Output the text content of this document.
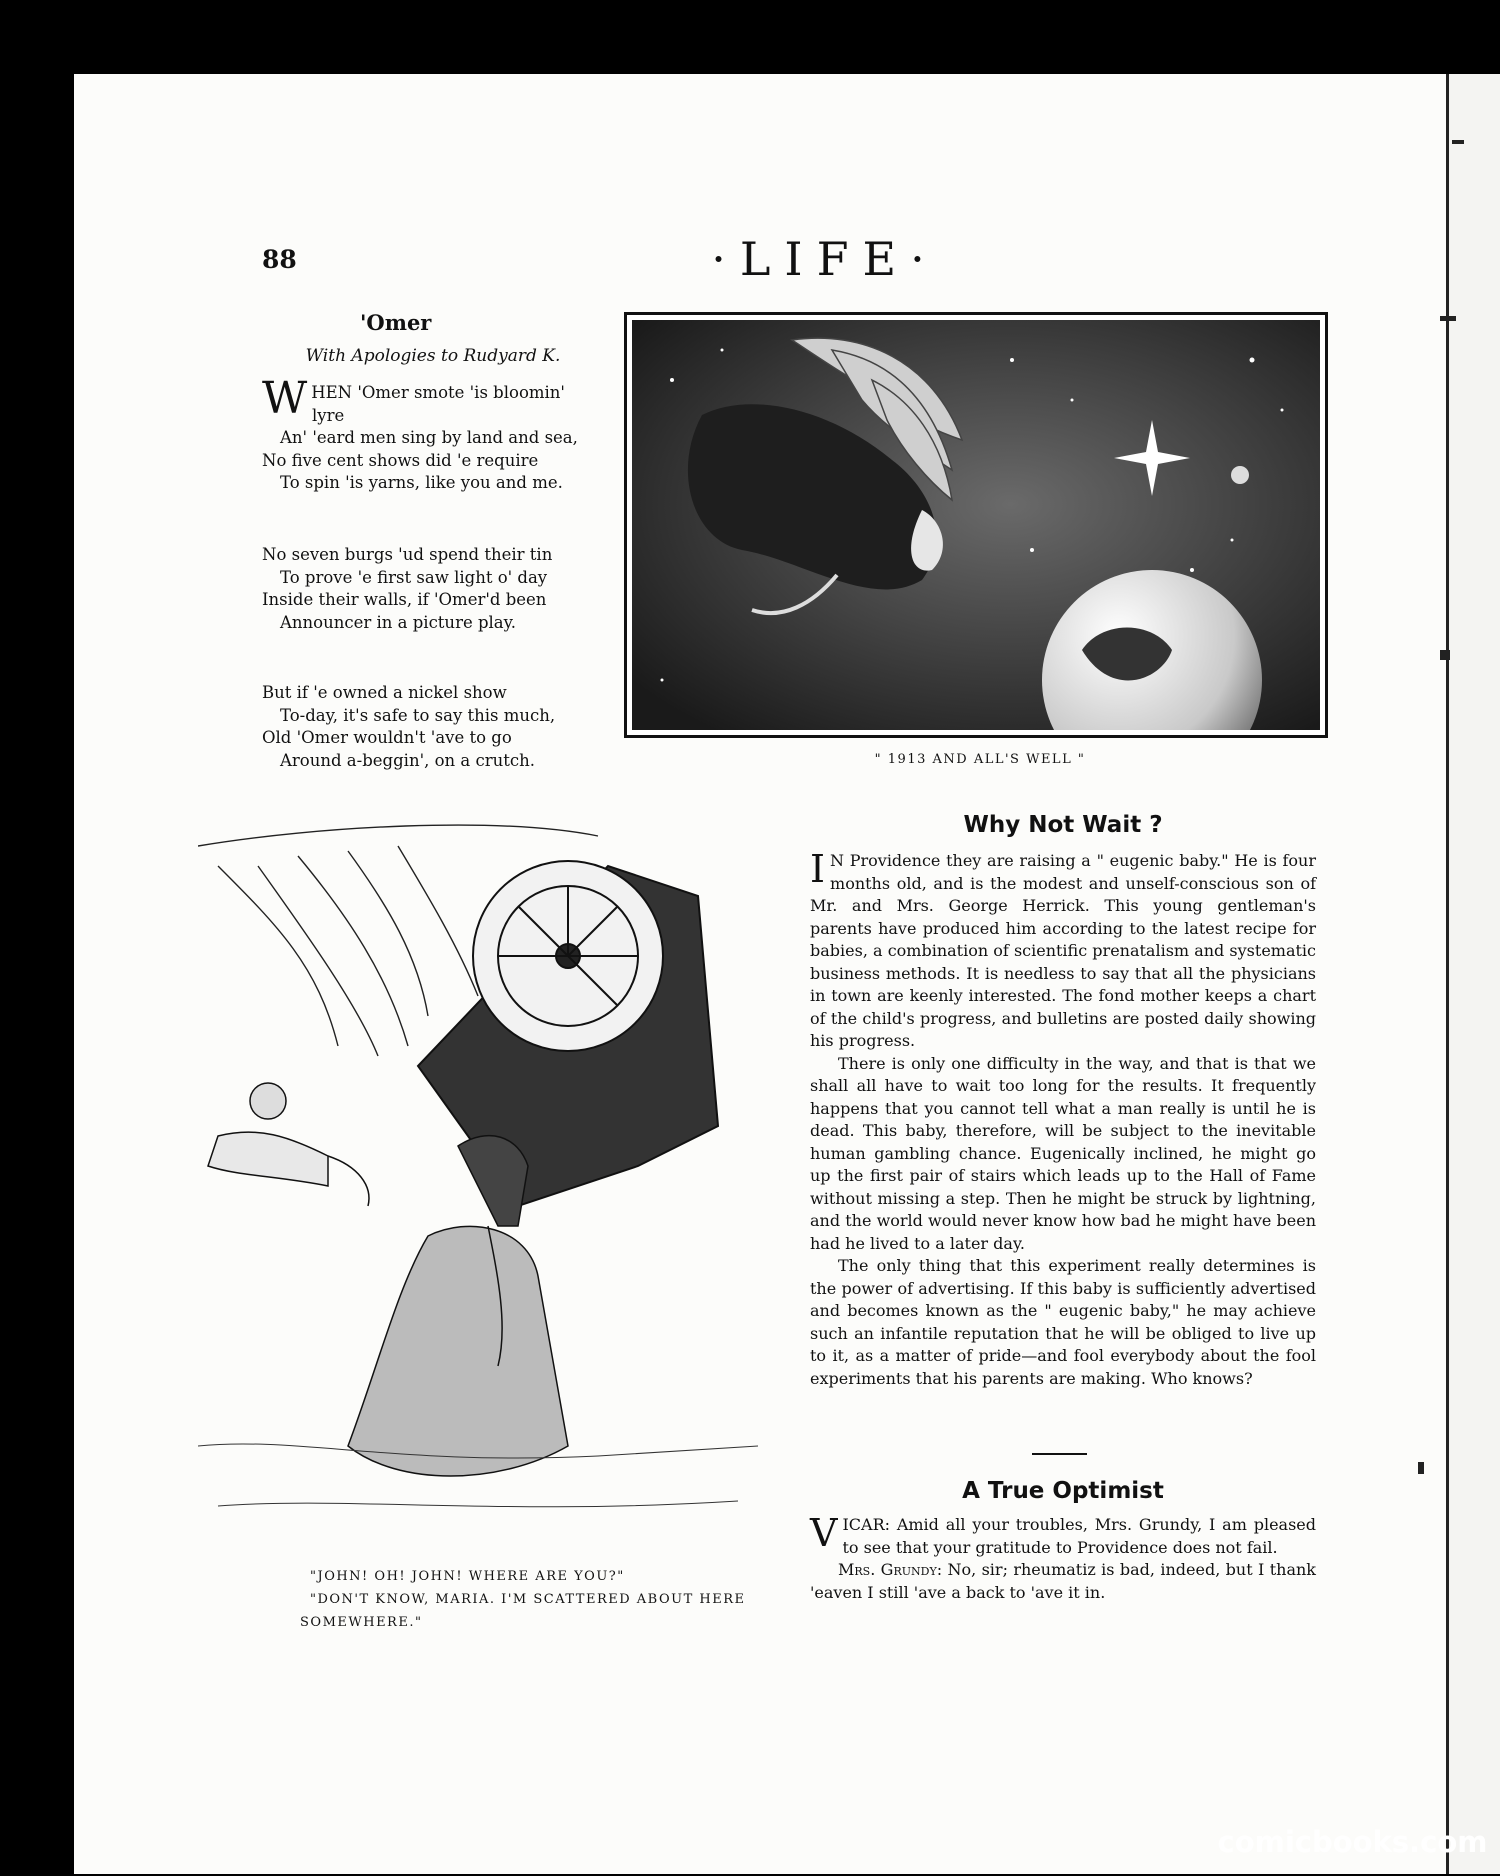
88	·LIFE·
'Omer
With Apologies to Rudyard K.
W HEN 'Omer smote 'is bloomin'
lyre
An' 'eard men sing by land and sea,
No five cent shows did 'e require
To spin 'is yarns, like you and me.
No seven burgs 'ud spend their tin
To prove 'e first saw light o' day
Inside their walls, if 'Omer'd been
Announcer in a picture play.
But if 'e owned a nickel show
To-day, it's safe to say this much,
Old 'Omer wouldn't 'ave to go
Around a-beggin', on a crutch.	" 1913 AND ALL'S WELL "
"JOHN! OH! JOHN! WHERE ARE YOU?"
"DON'T KNOW, MARIA. I'M SCATTERED ABOUT HERE SOMEWHERE."
Why Not Wait ?

I N Providence they are raising a " eugenic baby." He is four months old, and is the modest and unself-conscious son of Mr. and Mrs. George Herrick. This young gentleman's parents have produced him according to the latest recipe for babies, a combination of scientific prenatalism and systematic business methods. It is needless to say that all the physicians in town are keenly interested. The fond mother keeps a chart of the child's progress, and bulletins are posted daily showing his progress.

There is only one difficulty in the way, and that is that we shall all have to wait too long for the results. It frequently happens that you cannot tell what a man really is until he is dead. This baby, therefore, will be subject to the inevitable human gambling chance. Eugenically inclined, he might go up the first pair of stairs which leads up to the Hall of Fame without missing a step. Then he might be struck by lightning, and the world would never know how bad he might have been had he lived to a later day.

The only thing that this experiment really determines is the power of advertising. If this baby is sufficiently advertised and becomes known as the " eugenic baby," he may achieve such an infantile reputation that he will be obliged to live up to it, as a matter of pride—and fool everybody about the fool experiments that his parents are making. Who knows?

A True Optimist

VICAR: Amid all your troubles, Mrs. Grundy, I am pleased to see that your gratitude to Providence does not fail.

Mrs. Grundy: No, sir; rheumatiz is bad, indeed, but I thank 'eaven I still 'ave a back to 'ave it in.

comicbooks.com
